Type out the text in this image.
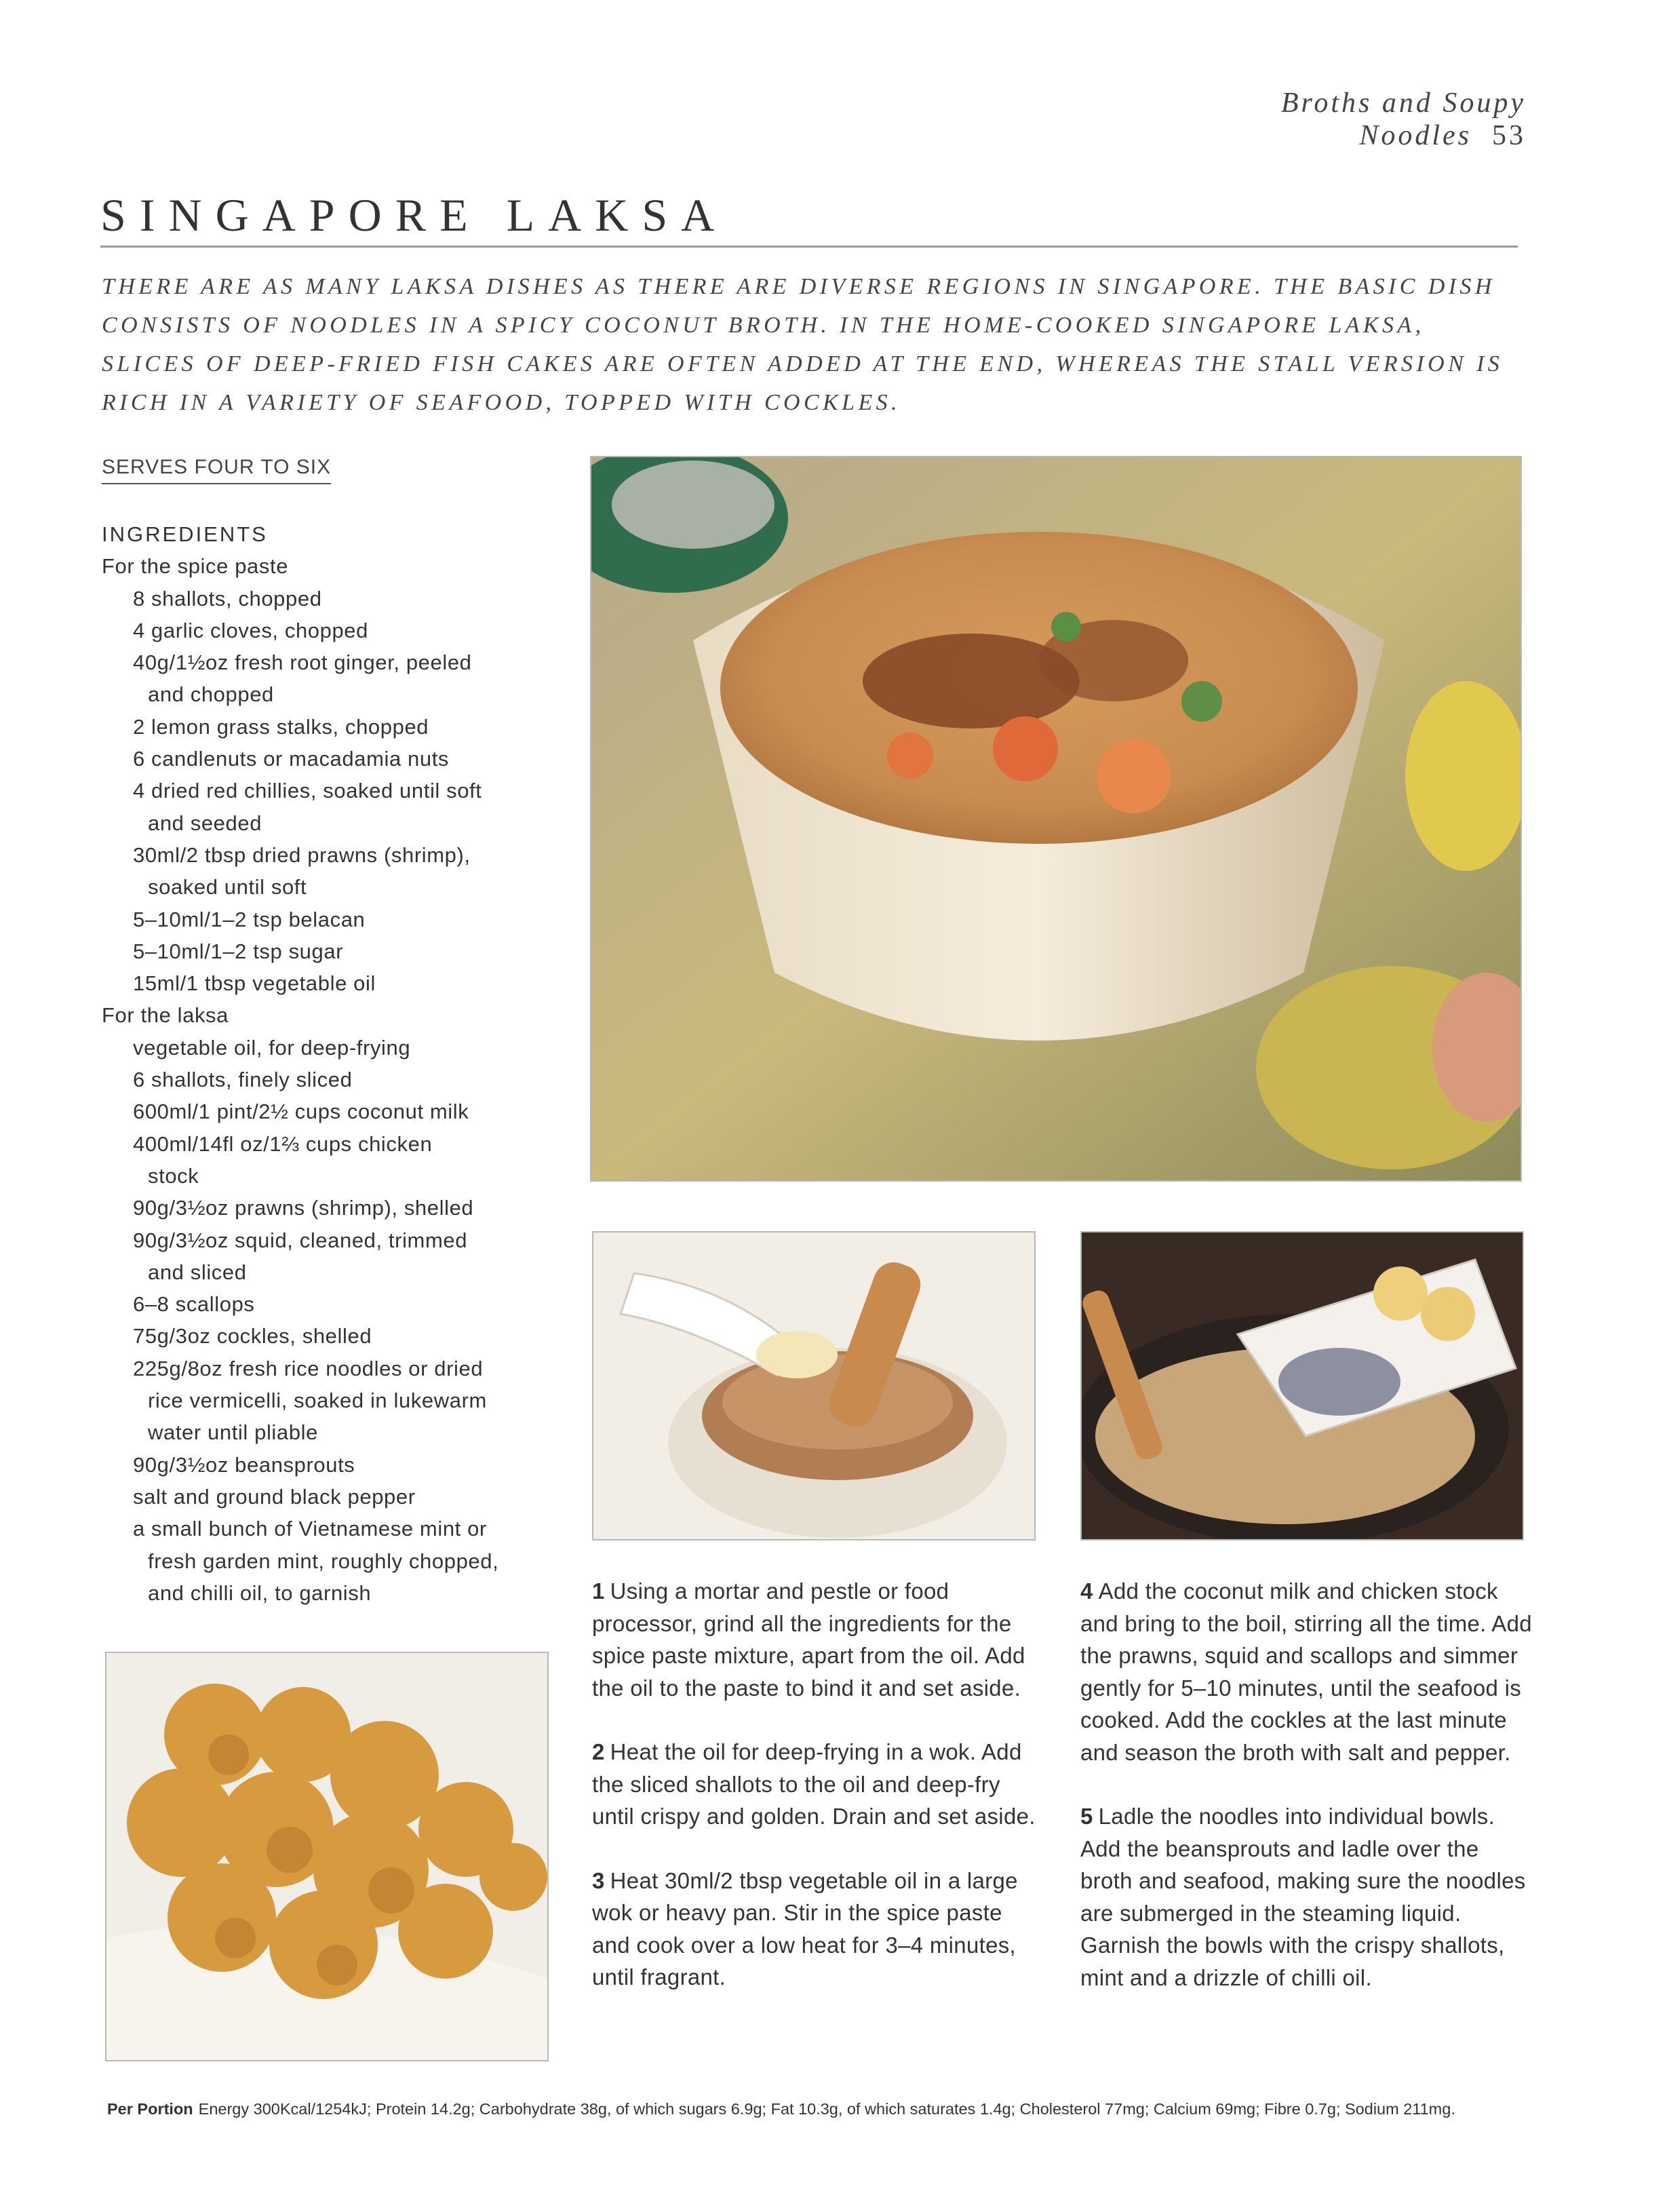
Broths and Soupy Noodles 53
SINGAPORE LAKSA
THERE ARE AS MANY LAKSA DISHES AS THERE ARE DIVERSE REGIONS IN SINGAPORE. THE BASIC DISH CONSISTS OF NOODLES IN A SPICY COCONUT BROTH. IN THE HOME-COOKED SINGAPORE LAKSA, SLICES OF DEEP-FRIED FISH CAKES ARE OFTEN ADDED AT THE END, WHEREAS THE STALL VERSION IS RICH IN A VARIETY OF SEAFOOD, TOPPED WITH COCKLES.
SERVES FOUR TO SIX
INGREDIENTS
For the spice paste
8 shallots, chopped
4 garlic cloves, chopped
40g/1½oz fresh root ginger, peeled
and chopped
2 lemon grass stalks, chopped
6 candlenuts or macadamia nuts
4 dried red chillies, soaked until soft
and seeded
30ml/2 tbsp dried prawns (shrimp),
soaked until soft
5–10ml/1–2 tsp belacan
5–10ml/1–2 tsp sugar
15ml/1 tbsp vegetable oil
For the laksa
vegetable oil, for deep-frying
6 shallots, finely sliced
600ml/1 pint/2½ cups coconut milk
400ml/14fl oz/1⅔ cups chicken
stock
90g/3½oz prawns (shrimp), shelled
90g/3½oz squid, cleaned, trimmed
and sliced
6–8 scallops
75g/3oz cockles, shelled
225g/8oz fresh rice noodles or dried
rice vermicelli, soaked in lukewarm
water until pliable
90g/3½oz beansprouts
salt and ground black pepper
a small bunch of Vietnamese mint or
fresh garden mint, roughly chopped,
and chilli oil, to garnish	1 Using a mortar and pestle or food processor, grind all the ingredients for the spice paste mixture, apart from the oil. Add the oil to the paste to bind it and set aside.

2 Heat the oil for deep-frying in a wok. Add the sliced shallots to the oil and deep-fry until crispy and golden. Drain and set aside.

3 Heat 30ml/2 tbsp vegetable oil in a large wok or heavy pan. Stir in the spice paste and cook over a low heat for 3–4 minutes, until fragrant.

4 Add the coconut milk and chicken stock and bring to the boil, stirring all the time. Add the prawns, squid and scallops and simmer gently for 5–10 minutes, until the seafood is cooked. Add the cockles at the last minute and season the broth with salt and pepper.

5 Ladle the noodles into individual bowls. Add the beansprouts and ladle over the broth and seafood, making sure the noodles are submerged in the steaming liquid. Garnish the bowls with the crispy shallots, mint and a drizzle of chilli oil.

Per Portion Energy 300Kcal/1254kJ; Protein 14.2g; Carbohydrate 38g, of which sugars 6.9g; Fat 10.3g, of which saturates 1.4g; Cholesterol 77mg; Calcium 69mg; Fibre 0.7g; Sodium 211mg.
